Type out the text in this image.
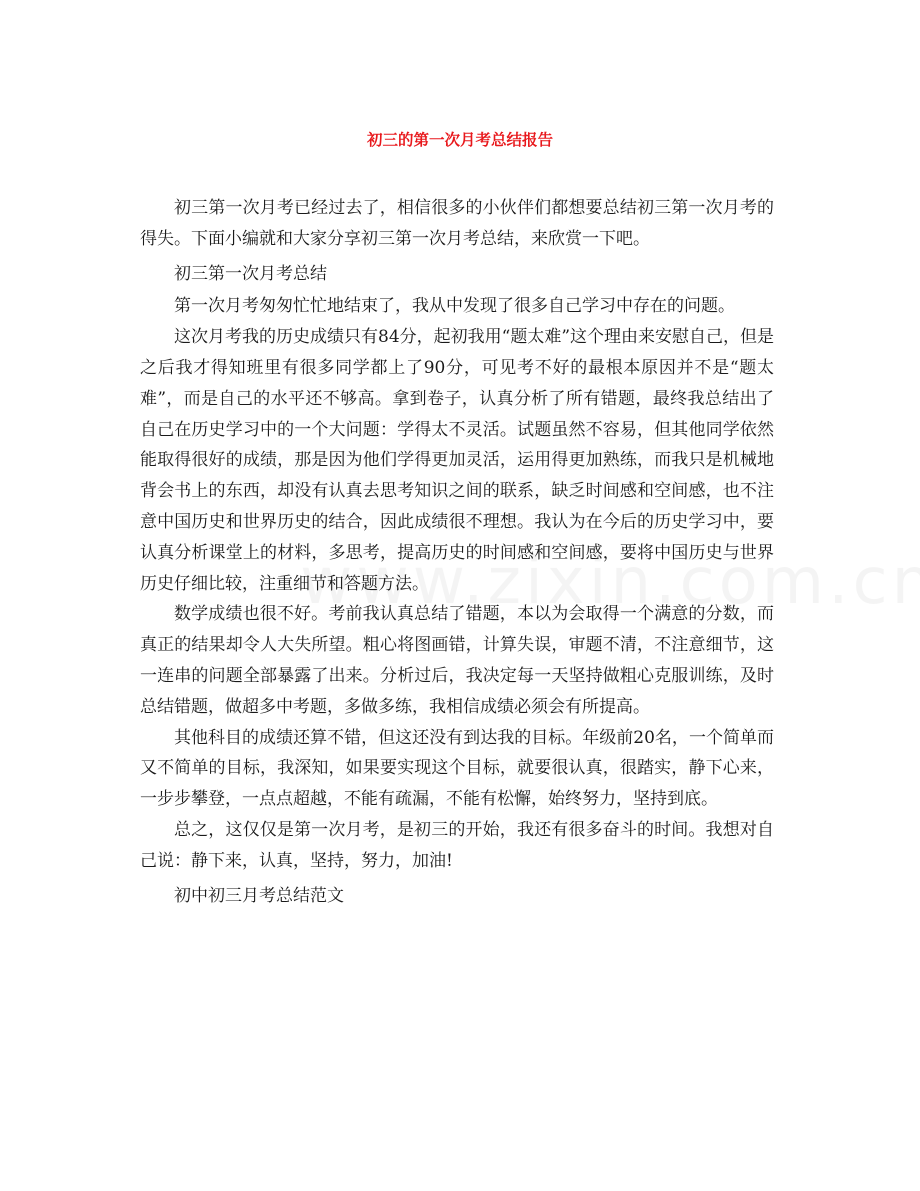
初三的第一次月考总结报告

初三第一次月考已经过去了，相信很多的小伙伴们都想要总结初三第一次月考的得失。下面小编就和大家分享初三第一次月考总结，来欣赏一下吧。

初三第一次月考总结

第一次月考匆匆忙忙地结束了，我从中发现了很多自己学习中存在的问题。

这次月考我的历史成绩只有84分，起初我用“题太难”这个理由来安慰自己，但是之后我才得知班里有很多同学都上了90分，可见考不好的最根本原因并不是“题太难”，而是自己的水平还不够高。拿到卷子，认真分析了所有错题，最终我总结出了自己在历史学习中的一个大问题：学得太不灵活。试题虽然不容易，但其他同学依然能取得很好的成绩，那是因为他们学得更加灵活，运用得更加熟练，而我只是机械地背会书上的东西，却没有认真去思考知识之间的联系，缺乏时间感和空间感，也不注意中国历史和世界历史的结合，因此成绩很不理想。我认为在今后的历史学习中，要认真分析课堂上的材料，多思考，提高历史的时间感和空间感，要将中国历史与世界历史仔细比较，注重细节和答题方法。

数学成绩也很不好。考前我认真总结了错题，本以为会取得一个满意的分数，而真正的结果却令人大失所望。粗心将图画错，计算失误，审题不清，不注意细节，这一连串的问题全部暴露了出来。分析过后，我决定每一天坚持做粗心克服训练，及时总结错题，做超多中考题，多做多练，我相信成绩必须会有所提高。

其他科目的成绩还算不错，但这还没有到达我的目标。年级前20名，一个简单而又不简单的目标，我深知，如果要实现这个目标，就要很认真，很踏实，静下心来，一步步攀登，一点点超越，不能有疏漏，不能有松懈，始终努力，坚持到底。

总之，这仅仅是第一次月考，是初三的开始，我还有很多奋斗的时间。我想对自己说：静下来，认真，坚持，努力，加油!

初中初三月考总结范文
